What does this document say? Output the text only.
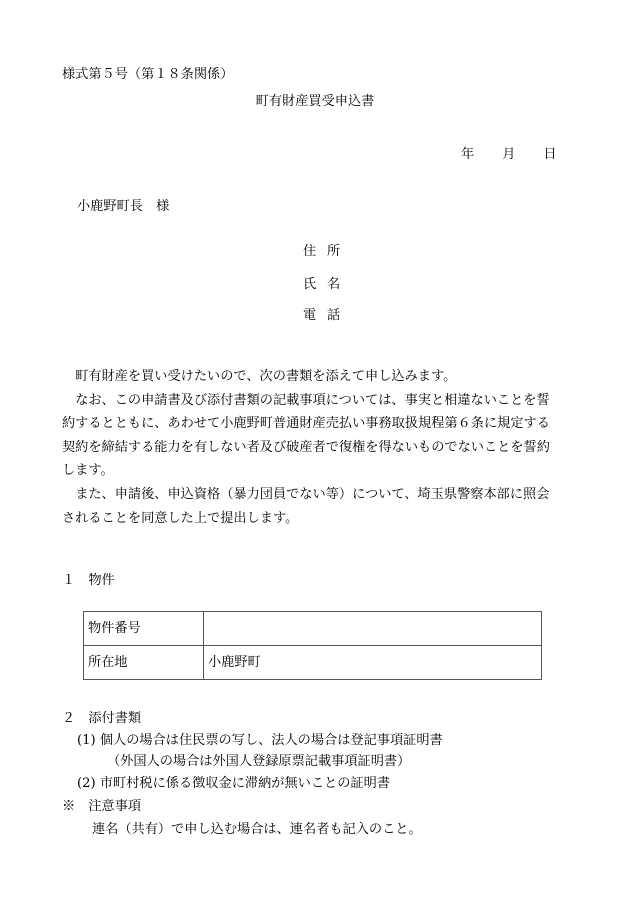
様式第５号（第１８条関係）
町有財産買受申込書
年 月 日
小鹿野町長　様
住 所
氏 名
電 話

町有財産を買い受けたいので、次の書類を添えて申し込みます。

なお、この申請書及び添付書類の記載事項については、事実と相違ないことを誓約するとともに、あわせて小鹿野町普通財産売払い事務取扱規程第６条に規定する契約を締結する能力を有しない者及び破産者で復権を得ないものでないことを誓約します。

また、申請後、申込資格（暴力団員でない等）について、埼玉県警察本部に照会されることを同意した上で提出します。

１　物件
物件番号	
所在地	小鹿野町
２　添付書類
(1) 個人の場合は住民票の写し、法人の場合は登記事項証明書
（外国人の場合は外国人登録原票記載事項証明書）
(2) 市町村税に係る徴収金に滞納が無いことの証明書
※　注意事項
連名（共有）で申し込む場合は、連名者も記入のこと。
